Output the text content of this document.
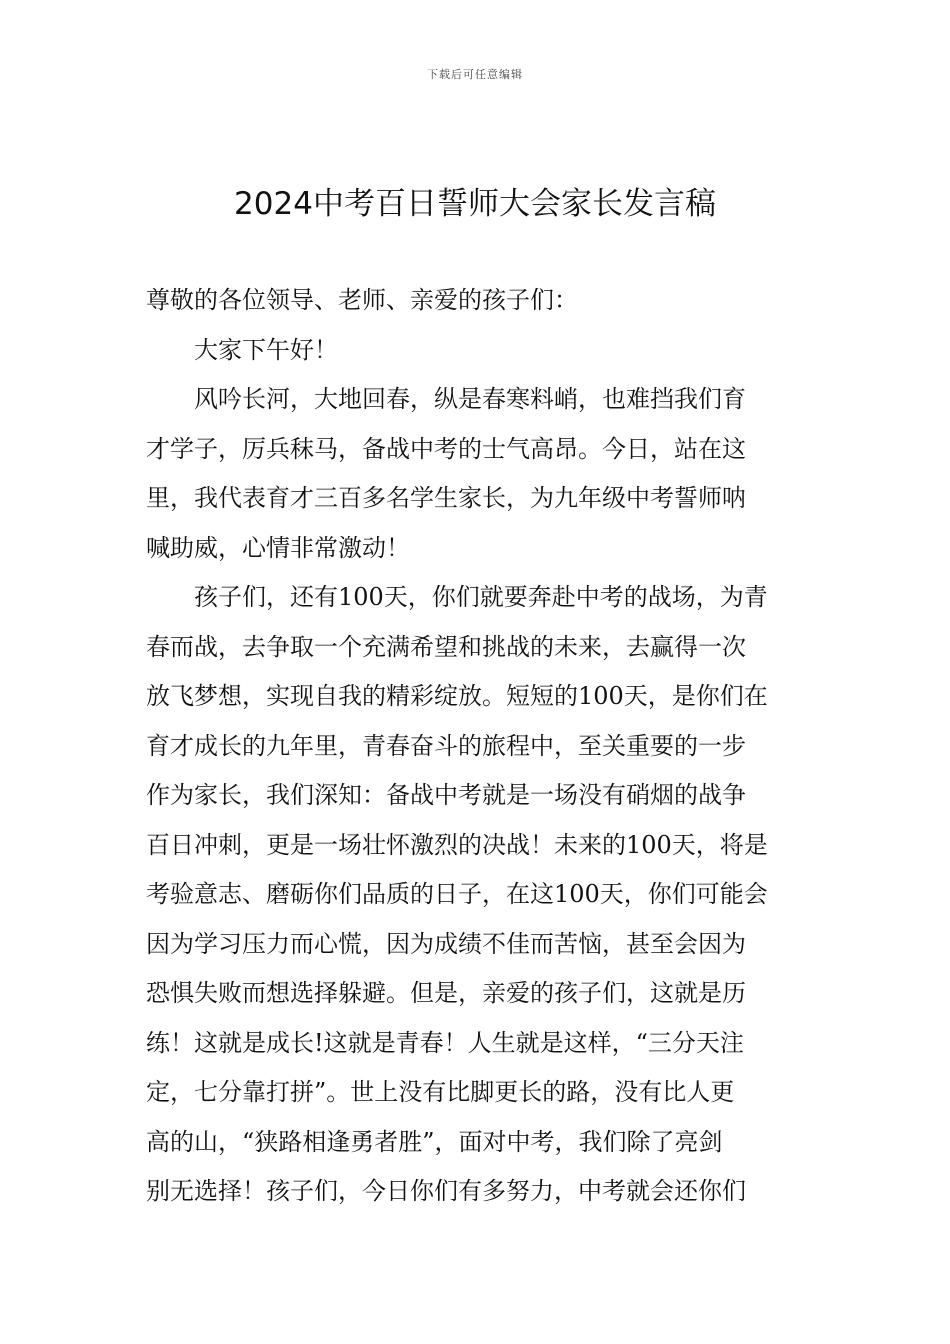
下载后可任意编辑
2024中考百日誓师大会家长发言稿
尊敬的各位领导、老师、亲爱的孩子们：
大家下午好！
风吟长河，大地回春，纵是春寒料峭，也难挡我们育
才学子，厉兵秣马，备战中考的士气高昂。今日，站在这
里，我代表育才三百多名学生家长，为九年级中考誓师呐
喊助威，心情非常激动！
孩子们，还有100天，你们就要奔赴中考的战场，为青
春而战，去争取一个充满希望和挑战的未来，去赢得一次
放飞梦想，实现自我的精彩绽放。短短的100天，是你们在
育才成长的九年里，青春奋斗的旅程中，至关重要的一步
作为家长，我们深知：备战中考就是一场没有硝烟的战争
百日冲刺，更是一场壮怀激烈的决战！未来的100天，将是
考验意志、磨砺你们品质的日子，在这100天，你们可能会
因为学习压力而心慌，因为成绩不佳而苦恼，甚至会因为
恐惧失败而想选择躲避。但是，亲爱的孩子们，这就是历
练！这就是成长!这就是青春！人生就是这样，“三分天注
定，七分靠打拼”。世上没有比脚更长的路，没有比人更
高的山，“狭路相逢勇者胜”，面对中考，我们除了亮剑
别无选择！孩子们，今日你们有多努力，中考就会还你们
